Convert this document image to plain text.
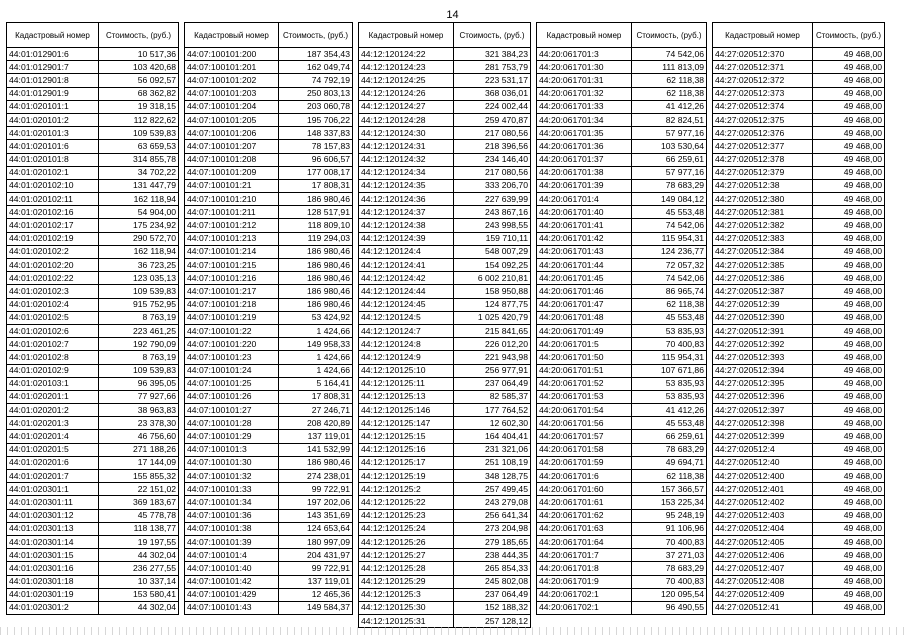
14
Кадастровый номер	Стоимость, (руб.)
44:01:012901:6	10 517,36
44:01:012901:7	103 420,68
44:01:012901:8	56 092,57
44:01:012901:9	68 362,82
44:01:020101:1	19 318,15
44:01:020101:2	112 822,62
44:01:020101:3	109 539,83
44:01:020101:6	63 659,53
44:01:020101:8	314 855,78
44:01:020102:1	34 702,22
44:01:020102:10	131 447,79
44:01:020102:11	162 118,94
44:01:020102:16	54 904,00
44:01:020102:17	175 234,92
44:01:020102:19	290 572,70
44:01:020102:2	162 118,94
44:01:020102:20	36 723,25
44:01:020102:22	123 035,13
44:01:020102:3	109 539,83
44:01:020102:4	915 752,95
44:01:020102:5	8 763,19
44:01:020102:6	223 461,25
44:01:020102:7	192 790,09
44:01:020102:8	8 763,19
44:01:020102:9	109 539,83
44:01:020103:1	96 395,05
44:01:020201:1	77 927,66
44:01:020201:2	38 963,83
44:01:020201:3	23 378,30
44:01:020201:4	46 756,60
44:01:020201:5	271 188,26
44:01:020201:6	17 144,09
44:01:020201:7	155 855,32
44:01:020301:1	22 151,02
44:01:020301:11	369 183,67
44:01:020301:12	45 778,78
44:01:020301:13	118 138,77
44:01:020301:14	19 197,55
44:01:020301:15	44 302,04
44:01:020301:16	236 277,55
44:01:020301:18	10 337,14
44:01:020301:19	153 580,41
44:01:020301:2	44 302,04
Кадастровый номер	Стоимость, (руб.)
44:07:100101:200	187 354,43
44:07:100101:201	162 049,74
44:07:100101:202	74 792,19
44:07:100101:203	250 803,13
44:07:100101:204	203 060,78
44:07:100101:205	195 706,22
44:07:100101:206	148 337,83
44:07:100101:207	78 157,83
44:07:100101:208	96 606,57
44:07:100101:209	177 008,17
44:07:100101:21	17 808,31
44:07:100101:210	186 980,46
44:07:100101:211	128 517,91
44:07:100101:212	118 809,10
44:07:100101:213	119 294,03
44:07:100101:214	186 980,46
44:07:100101:215	186 980,46
44:07:100101:216	186 980,46
44:07:100101:217	186 980,46
44:07:100101:218	186 980,46
44:07:100101:219	53 424,92
44:07:100101:22	1 424,66
44:07:100101:220	149 958,33
44:07:100101:23	1 424,66
44:07:100101:24	1 424,66
44:07:100101:25	5 164,41
44:07:100101:26	17 808,31
44:07:100101:27	27 246,71
44:07:100101:28	208 420,89
44:07:100101:29	137 119,01
44:07:100101:3	141 532,99
44:07:100101:30	186 980,46
44:07:100101:32	274 238,01
44:07:100101:33	99 722,91
44:07:100101:34	197 202,06
44:07:100101:36	143 351,69
44:07:100101:38	124 653,64
44:07:100101:39	180 997,09
44:07:100101:4	204 431,97
44:07:100101:40	99 722,91
44:07:100101:42	137 119,01
44:07:100101:429	12 465,36
44:07:100101:43	149 584,37
Кадастровый номер	Стоимость, (руб.)
44:12:120124:22	321 384,23
44:12:120124:23	281 753,79
44:12:120124:25	223 531,17
44:12:120124:26	368 036,01
44:12:120124:27	224 002,44
44:12:120124:28	259 470,87
44:12:120124:30	217 080,56
44:12:120124:31	218 396,56
44:12:120124:32	234 146,40
44:12:120124:34	217 080,56
44:12:120124:35	333 206,70
44:12:120124:36	227 639,99
44:12:120124:37	243 867,16
44:12:120124:38	243 998,55
44:12:120124:39	159 710,11
44:12:120124:4	548 007,29
44:12:120124:41	154 092,25
44:12:120124:42	6 002 210,81
44:12:120124:44	158 950,88
44:12:120124:45	124 877,75
44:12:120124:5	1 025 420,79
44:12:120124:7	215 841,65
44:12:120124:8	226 012,20
44:12:120124:9	221 943,98
44:12:120125:10	256 977,91
44:12:120125:11	237 064,49
44:12:120125:13	82 585,37
44:12:120125:146	177 764,52
44:12:120125:147	12 602,30
44:12:120125:15	164 404,41
44:12:120125:16	231 321,06
44:12:120125:17	251 108,19
44:12:120125:19	348 128,75
44:12:120125:2	257 499,45
44:12:120125:22	243 279,08
44:12:120125:23	256 641,34
44:12:120125:24	273 204,98
44:12:120125:26	279 185,65
44:12:120125:27	238 444,35
44:12:120125:28	265 854,33
44:12:120125:29	245 802,08
44:12:120125:3	237 064,49
44:12:120125:30	152 188,32
44:12:120125:31	257 128,12
Кадастровый номер	Стоимость, (руб.)
44:20:061701:3	74 542,06
44:20:061701:30	111 813,09
44:20:061701:31	62 118,38
44:20:061701:32	62 118,38
44:20:061701:33	41 412,26
44:20:061701:34	82 824,51
44:20:061701:35	57 977,16
44:20:061701:36	103 530,64
44:20:061701:37	66 259,61
44:20:061701:38	57 977,16
44:20:061701:39	78 683,29
44:20:061701:4	149 084,12
44:20:061701:40	45 553,48
44:20:061701:41	74 542,06
44:20:061701:42	115 954,31
44:20:061701:43	124 236,77
44:20:061701:44	72 057,32
44:20:061701:45	74 542,06
44:20:061701:46	86 965,74
44:20:061701:47	62 118,38
44:20:061701:48	45 553,48
44:20:061701:49	53 835,93
44:20:061701:5	70 400,83
44:20:061701:50	115 954,31
44:20:061701:51	107 671,86
44:20:061701:52	53 835,93
44:20:061701:53	53 835,93
44:20:061701:54	41 412,26
44:20:061701:56	45 553,48
44:20:061701:57	66 259,61
44:20:061701:58	78 683,29
44:20:061701:59	49 694,71
44:20:061701:6	62 118,38
44:20:061701:60	157 366,57
44:20:061701:61	153 225,34
44:20:061701:62	95 248,19
44:20:061701:63	91 106,96
44:20:061701:64	70 400,83
44:20:061701:7	37 271,03
44:20:061701:8	78 683,29
44:20:061701:9	70 400,83
44:20:061702:1	120 095,54
44:20:061702:1	96 490,55
Кадастровый номер	Стоимость, (руб.)
44:27:020512:370	49 468,00
44:27:020512:371	49 468,00
44:27:020512:372	49 468,00
44:27:020512:373	49 468,00
44:27:020512:374	49 468,00
44:27:020512:375	49 468,00
44:27:020512:376	49 468,00
44:27:020512:377	49 468,00
44:27:020512:378	49 468,00
44:27:020512:379	49 468,00
44:27:020512:38	49 468,00
44:27:020512:380	49 468,00
44:27:020512:381	49 468,00
44:27:020512:382	49 468,00
44:27:020512:383	49 468,00
44:27:020512:384	49 468,00
44:27:020512:385	49 468,00
44:27:020512:386	49 468,00
44:27:020512:387	49 468,00
44:27:020512:39	49 468,00
44:27:020512:390	49 468,00
44:27:020512:391	49 468,00
44:27:020512:392	49 468,00
44:27:020512:393	49 468,00
44:27:020512:394	49 468,00
44:27:020512:395	49 468,00
44:27:020512:396	49 468,00
44:27:020512:397	49 468,00
44:27:020512:398	49 468,00
44:27:020512:399	49 468,00
44:27:020512:4	49 468,00
44:27:020512:40	49 468,00
44:27:020512:400	49 468,00
44:27:020512:401	49 468,00
44:27:020512:402	49 468,00
44:27:020512:403	49 468,00
44:27:020512:404	49 468,00
44:27:020512:405	49 468,00
44:27:020512:406	49 468,00
44:27:020512:407	49 468,00
44:27:020512:408	49 468,00
44:27:020512:409	49 468,00
44:27:020512:41	49 468,00
